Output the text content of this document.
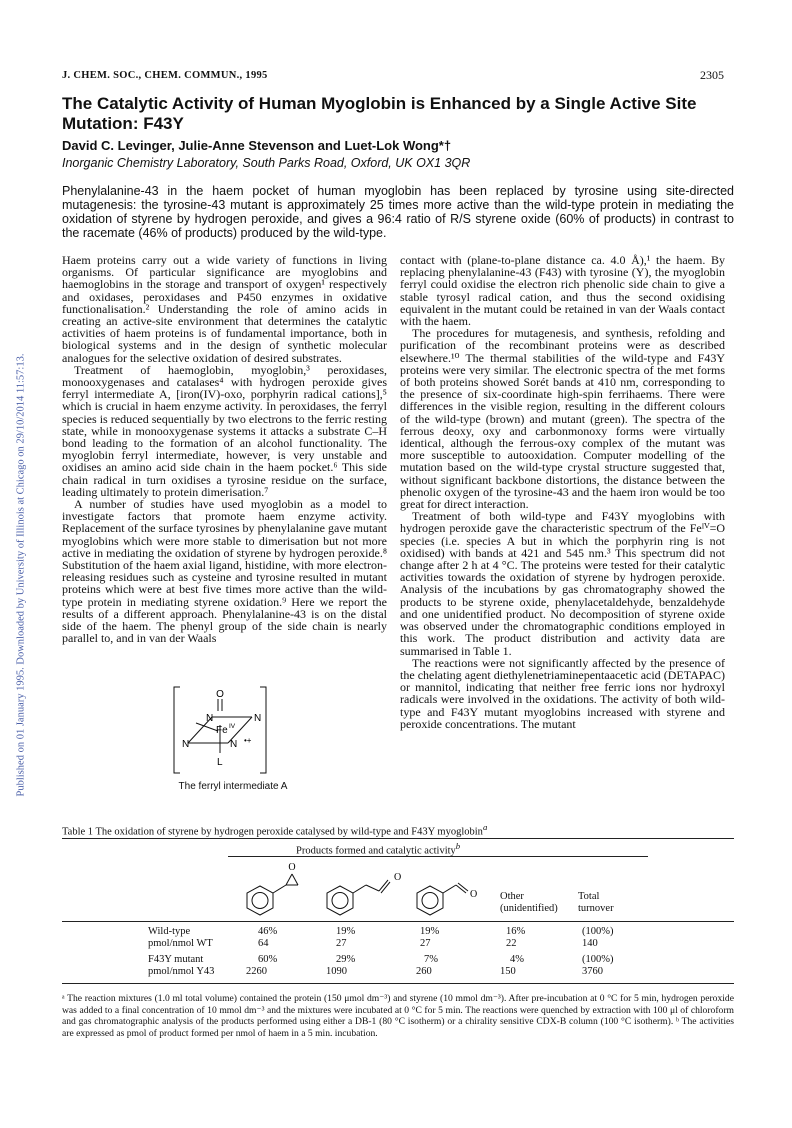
Published on 01 January 1995. Downloaded by University of Illinois at Chicago on 29/10/2014 11:57:13.
J. CHEM. SOC., CHEM. COMMUN., 1995	2305
The Catalytic Activity of Human Myoglobin is Enhanced by a Single Active Site Mutation: F43Y
David C. Levinger, Julie-Anne Stevenson and Luet-Lok Wong*†
Inorganic Chemistry Laboratory, South Parks Road, Oxford, UK OX1 3QR
Phenylalanine-43 in the haem pocket of human myoglobin has been replaced by tyrosine using site-directed mutagenesis: the tyrosine-43 mutant is approximately 25 times more active than the wild-type protein in mediating the oxidation of styrene by hydrogen peroxide, and gives a 96:4 ratio of R/S styrene oxide (60% of products) in contrast to the racemate (46% of products) produced by the wild-type.

Haem proteins carry out a wide variety of functions in living organisms. Of particular significance are myoglobins and haemoglobins in the storage and transport of oxygen¹ respectively and oxidases, peroxidases and P450 enzymes in oxidative functionalisation.² Understanding the role of amino acids in creating an active-site environment that determines the catalytic activities of haem proteins is of fundamental importance, both in biological systems and in the design of synthetic molecular analogues for the selective oxidation of desired substrates.

Treatment of haemoglobin, myoglobin,³ peroxidases, monooxygenases and catalases⁴ with hydrogen peroxide gives ferryl intermediate A, [iron(IV)-oxo, porphyrin radical cations],⁵ which is crucial in haem enzyme activity. In peroxidases, the ferryl species is reduced sequentially by two electrons to the ferric resting state, while in monooxygenase systems it attacks a substrate C–H bond leading to the formation of an alcohol functionality. The myoglobin ferryl intermediate, however, is very unstable and oxidises an amino acid side chain in the haem pocket.⁶ This side chain radical in turn oxidises a tyrosine residue on the surface, leading ultimately to protein dimerisation.⁷

A number of studies have used myoglobin as a model to investigate factors that promote haem enzyme activity. Replacement of the surface tyrosines by phenylalanine gave mutant myoglobins which were more stable to dimerisation but not more active in mediating the oxidation of styrene by hydrogen peroxide.⁸ Substitution of the haem axial ligand, histidine, with more electron-releasing residues such as cysteine and tyrosine resulted in mutant proteins which were at best five times more active than the wild-type protein in mediating styrene oxidation.⁹ Here we report the results of a different approach. Phenylalanine-43 is on the distal side of the haem. The phenyl group of the side chain is nearly parallel to, and in van der Waals

O
N	N
N	N
Fe IV
•+
L
The ferryl intermediate A

contact with (plane-to-plane distance ca. 4.0 Å),¹ the haem. By replacing phenylalanine-43 (F43) with tyrosine (Y), the myoglobin ferryl could oxidise the electron rich phenolic side chain to give a stable tyrosyl radical cation, and thus the second oxidising equivalent in the mutant could be retained in van der Waals contact with the haem.

The procedures for mutagenesis, and synthesis, refolding and purification of the recombinant proteins were as described elsewhere.¹⁰ The thermal stabilities of the wild-type and F43Y proteins were very similar. The electronic spectra of the met forms of both proteins showed Sorét bands at 410 nm, corresponding to the presence of six-coordinate high-spin ferrihaems. There were differences in the visible region, resulting in the different colours of the wild-type (brown) and mutant (green). The spectra of the ferrous deoxy, oxy and carbonmonoxy forms were virtually identical, although the ferrous-oxy complex of the mutant was more susceptible to autooxidation. Computer modelling of the mutation based on the wild-type crystal structure suggested that, without significant backbone distortions, the distance between the phenolic oxygen of the tyrosine-43 and the haem iron would be too great for direct interaction.

Treatment of both wild-type and F43Y myoglobins with hydrogen peroxide gave the characteristic spectrum of the Feᴵⱽ=O species (i.e. species A but in which the porphyrin ring is not oxidised) with bands at 421 and 545 nm.³ This spectrum did not change after 2 h at 4 °C. The proteins were tested for their catalytic activities towards the oxidation of styrene by hydrogen peroxide. Analysis of the incubations by gas chromatography showed the products to be styrene oxide, phenylacetaldehyde, benzaldehyde and one unidentified product. No decomposition of styrene oxide was observed under the chromatographic conditions employed in this work. The product distribution and activity data are summarised in Table 1.

The reactions were not significantly affected by the presence of the chelating agent diethylenetriaminepentaacetic acid (DETAPAC) or mannitol, indicating that neither free ferric ions nor hydroxyl radicals were involved in the oxidations. The activity of both wild-type and F43Y mutant myoglobins increased with styrene and peroxide concentrations. The mutant

Table 1 The oxidation of styrene by hydrogen peroxide catalysed by wild-type and F43Y myoglobin$^a$
Products formed and catalytic activity$^b$
O
O
O Other
(unidentified)
Total
turnover
Wild-type	46%	19%	19%	16%	(100%)
pmol/nmol WT	64	27	27	22	140
F43Y mutant	60%	29%	7%	4%	(100%)
pmol/nmol Y43	2260	1090	260	150	3760
ᵃ The reaction mixtures (1.0 ml total volume) contained the protein (150 μmol dm⁻³) and styrene (10 mmol dm⁻³). After pre-incubation at 0 °C for 5 min, hydrogen peroxide was added to a final concentration of 10 mmol dm⁻³ and the mixtures were incubated at 0 °C for 5 min. The reactions were quenched by extraction with 100 μl of chloroform and gas chromatographic analysis of the products performed using either a DB-1 (80 °C isotherm) or a chirality sensitive CDX-B column (100 °C isotherm). ᵇ The activities are expressed as pmol of product formed per nmol of haem in a 5 min. incubation.
